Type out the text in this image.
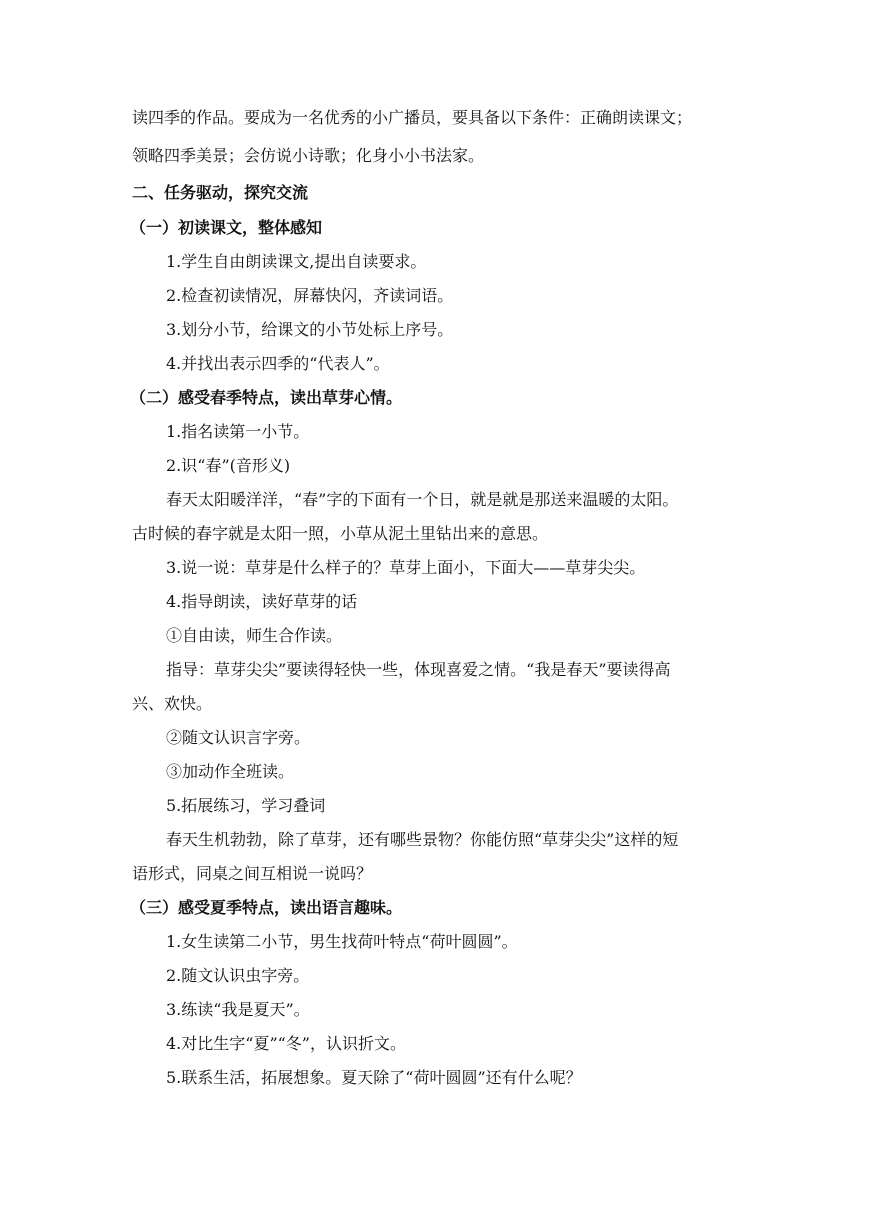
读四季的作品。要成为一名优秀的小广播员，要具备以下条件：正确朗读课文；
领略四季美景；会仿说小诗歌；化身小小书法家。
二、任务驱动，探究交流
（一）初读课文，整体感知
1.学生自由朗读课文,提出自读要求。
2.检查初读情况，屏幕快闪，齐读词语。
3.划分小节，给课文的小节处标上序号。
4.并找出表示四季的“代表人”。
（二）感受春季特点，读出草芽心情。
1.指名读第一小节。
2.识“春”(音形义)
春天太阳暖洋洋，“春”字的下面有一个日，就是就是那送来温暖的太阳。
古时候的春字就是太阳一照，小草从泥土里钻出来的意思。
3.说一说：草芽是什么样子的？草芽上面小，下面大——草芽尖尖。
4.指导朗读，读好草芽的话
①自由读，师生合作读。
指导：草芽尖尖”要读得轻快一些，体现喜爱之情。“我是春天”要读得高
兴、欢快。
②随文认识言字旁。
③加动作全班读。
5.拓展练习，学习叠词
春天生机勃勃，除了草芽，还有哪些景物？你能仿照“草芽尖尖”这样的短
语形式，同桌之间互相说一说吗？
（三）感受夏季特点，读出语言趣味。
1.女生读第二小节，男生找荷叶特点“荷叶圆圆”。
2.随文认识虫字旁。
3.练读“我是夏天”。
4.对比生字“夏”“冬”，认识折文。
5.联系生活，拓展想象。夏天除了“荷叶圆圆”还有什么呢？
